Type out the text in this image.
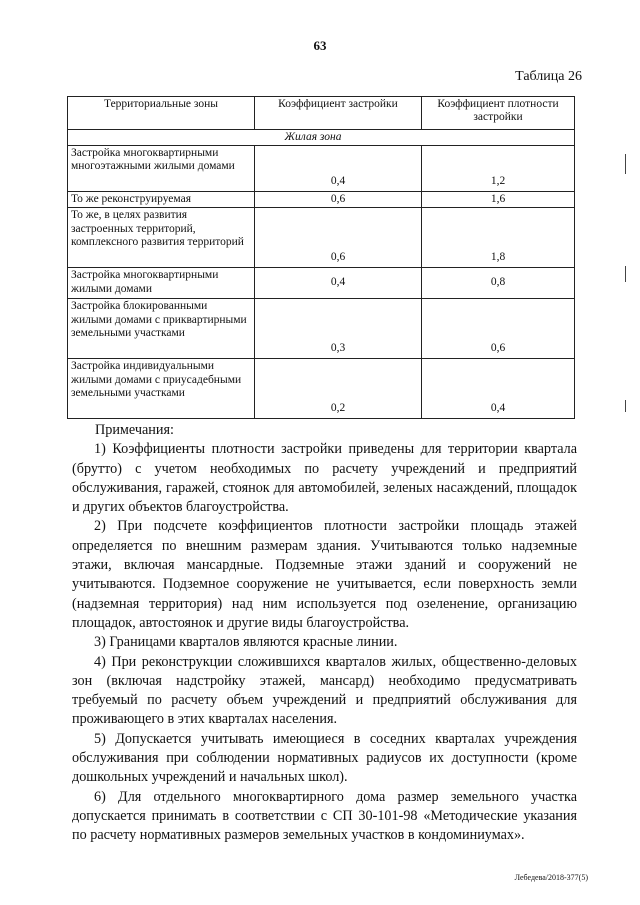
63
Таблица 26
Территориальные зоны	Коэффициент застройки	Коэффициент плотности застройки
	Жилая зона	
Застройка многоквартирными многоэтажными жилыми домами	0,4	1,2
То же реконструируемая	0,6	1,6
То же, в целях развития застроенных территорий, комплексного развития территорий	0,6	1,8
Застройка многоквартирными жилыми домами	0,4	0,8
Застройка блокированными жилыми домами с приквартирными земельными участками	0,3	0,6
Застройка индивидуальными жилыми домами с приусадебными земельными участками	0,2	0,4
Примечания:

1) Коэффициенты плотности застройки приведены для территории квартала (брутто) с учетом необходимых по расчету учреждений и предприятий обслуживания, гаражей, стоянок для автомобилей, зеленых насаждений, площадок и других объектов благоустройства.

2) При подсчете коэффициентов плотности застройки площадь этажей определяется по внешним размерам здания. Учитываются только надземные этажи, включая мансардные. Подземные этажи зданий и сооружений не учитываются. Подземное сооружение не учитывается, если поверхность земли (надземная территория) над ним используется под озеленение, организацию площадок, автостоянок и другие виды благоустройства.

3) Границами кварталов являются красные линии.

4) При реконструкции сложившихся кварталов жилых, общественно-деловых зон (включая надстройку этажей, мансард) необходимо предусматривать требуемый по расчету объем учреждений и предприятий обслуживания для проживающего в этих кварталах населения.

5) Допускается учитывать имеющиеся в соседних кварталах учреждения обслуживания при соблюдении нормативных радиусов их доступности (кроме дошкольных учреждений и начальных школ).

6) Для отдельного многоквартирного дома размер земельного участка допускается принимать в соответствии с СП 30-101-98 «Методические указания по расчету нормативных размеров земельных участков в кондоминиумах».

Лебедева/2018-377(5)
